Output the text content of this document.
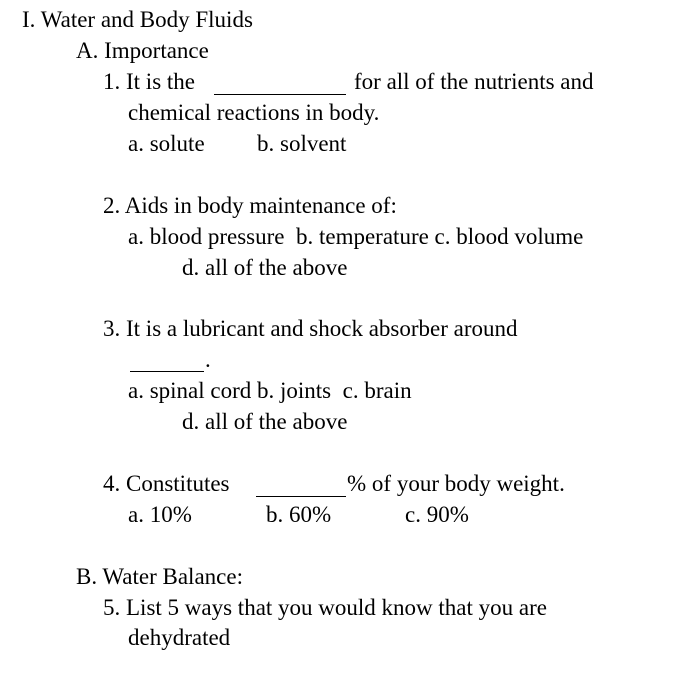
I. Water and Body Fluids
A. Importance
1. It is the	for all of the nutrients and
chemical reactions in body.
a. solute b. solvent
2. Aids in body maintenance of:
a. blood pressure  b. temperature c. blood volume
d. all of the above
3. It is a lubricant and shock absorber around
.
a. spinal cord b. joints  c. brain
d. all of the above
4. Constitutes	% of your body weight.
a. 10%	b. 60%	c. 90%
B. Water Balance:
5. List 5 ways that you would know that you are
dehydrated
